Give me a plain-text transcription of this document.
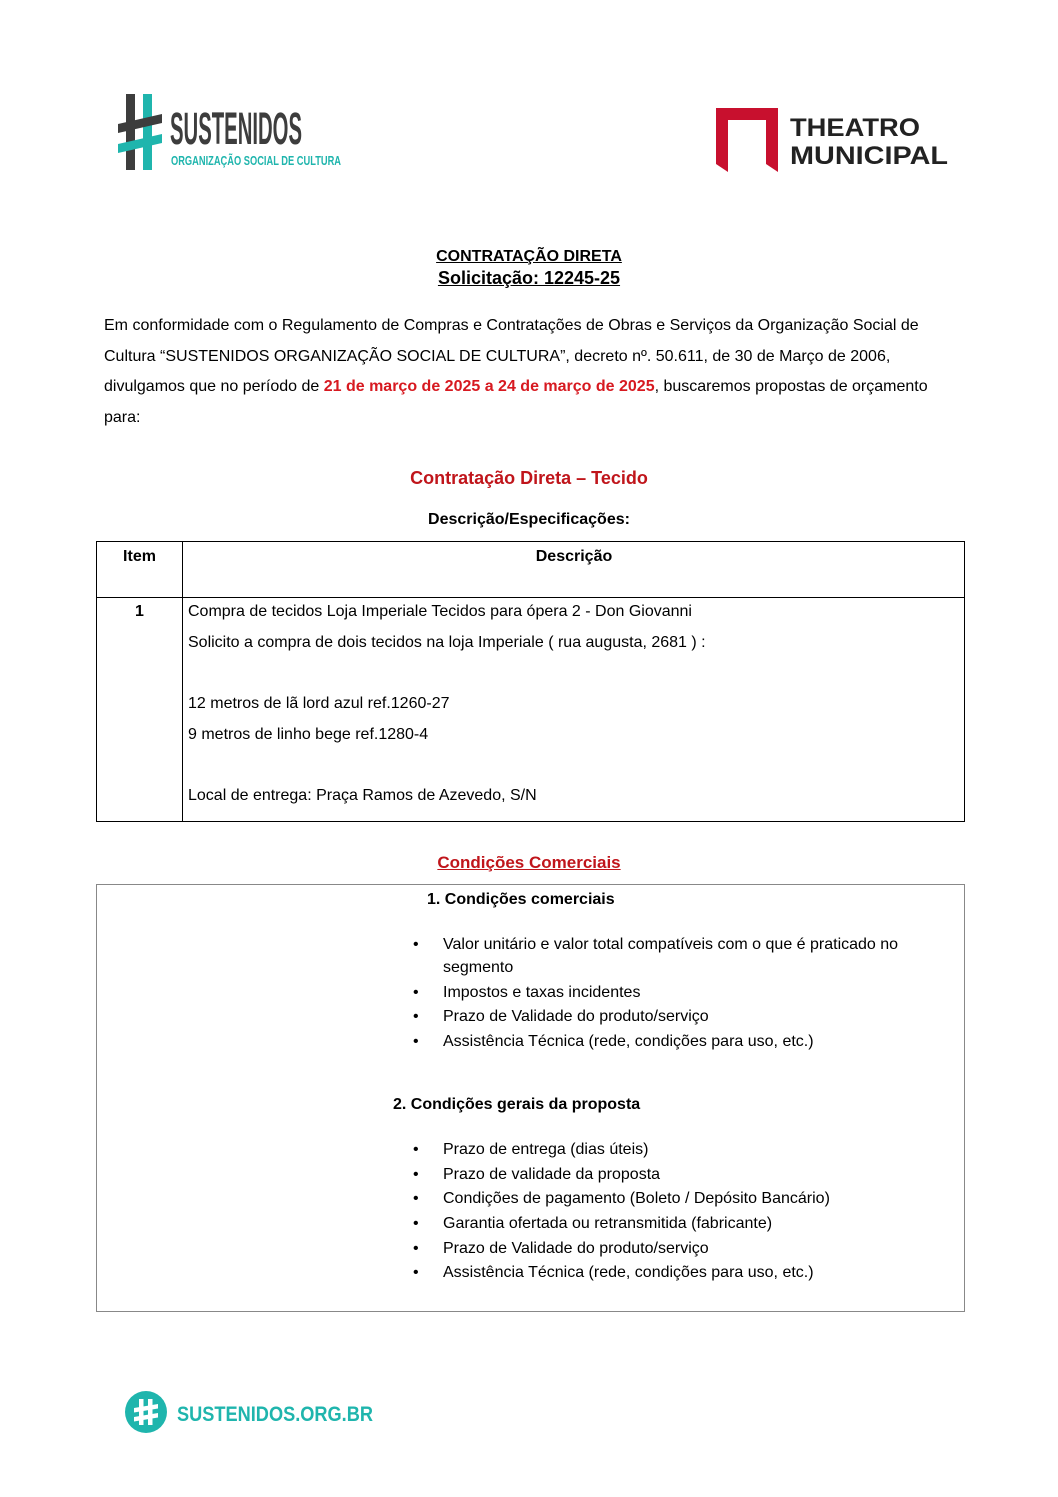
SUSTENIDOS
ORGANIZAÇÃO SOCIAL DE CULTURA
THEATRO
MUNICIPAL
CONTRATAÇÃO DIRETA
Solicitação: 12245-25
Em conformidade com o Regulamento de Compras e Contratações de Obras e Serviços da Organização Social de Cultura “SUSTENIDOS ORGANIZAÇÃO SOCIAL DE CULTURA”, decreto nº. 50.611, de 30 de Março de 2006, divulgamos que no período de 21 de março de 2025 a 24 de março de 2025, buscaremos propostas de orçamento para:
Contratação Direta – Tecido
Descrição/Especificações:
Item	Descrição
1	Compra de tecidos Loja Imperiale Tecidos para ópera 2 - Don Giovanni
Solicito a compra de dois tecidos na loja Imperiale ( rua augusta, 2681 ) :
12 metros de lã lord azul ref.1260-27
9 metros de linho bege ref.1280-4
Local de entrega: Praça Ramos de Azevedo, S/N
Condições Comerciais
1. Condições comerciais
• Valor unitário e valor total compatíveis com o que é praticado no segmento
• Impostos e taxas incidentes
• Prazo de Validade do produto/serviço
• Assistência Técnica (rede, condições para uso, etc.)
2. Condições gerais da proposta
• Prazo de entrega (dias úteis)
• Prazo de validade da proposta
• Condições de pagamento (Boleto / Depósito Bancário)
• Garantia ofertada ou retransmitida (fabricante)
• Prazo de Validade do produto/serviço
• Assistência Técnica (rede, condições para uso, etc.)
SUSTENIDOS.ORG.BR
